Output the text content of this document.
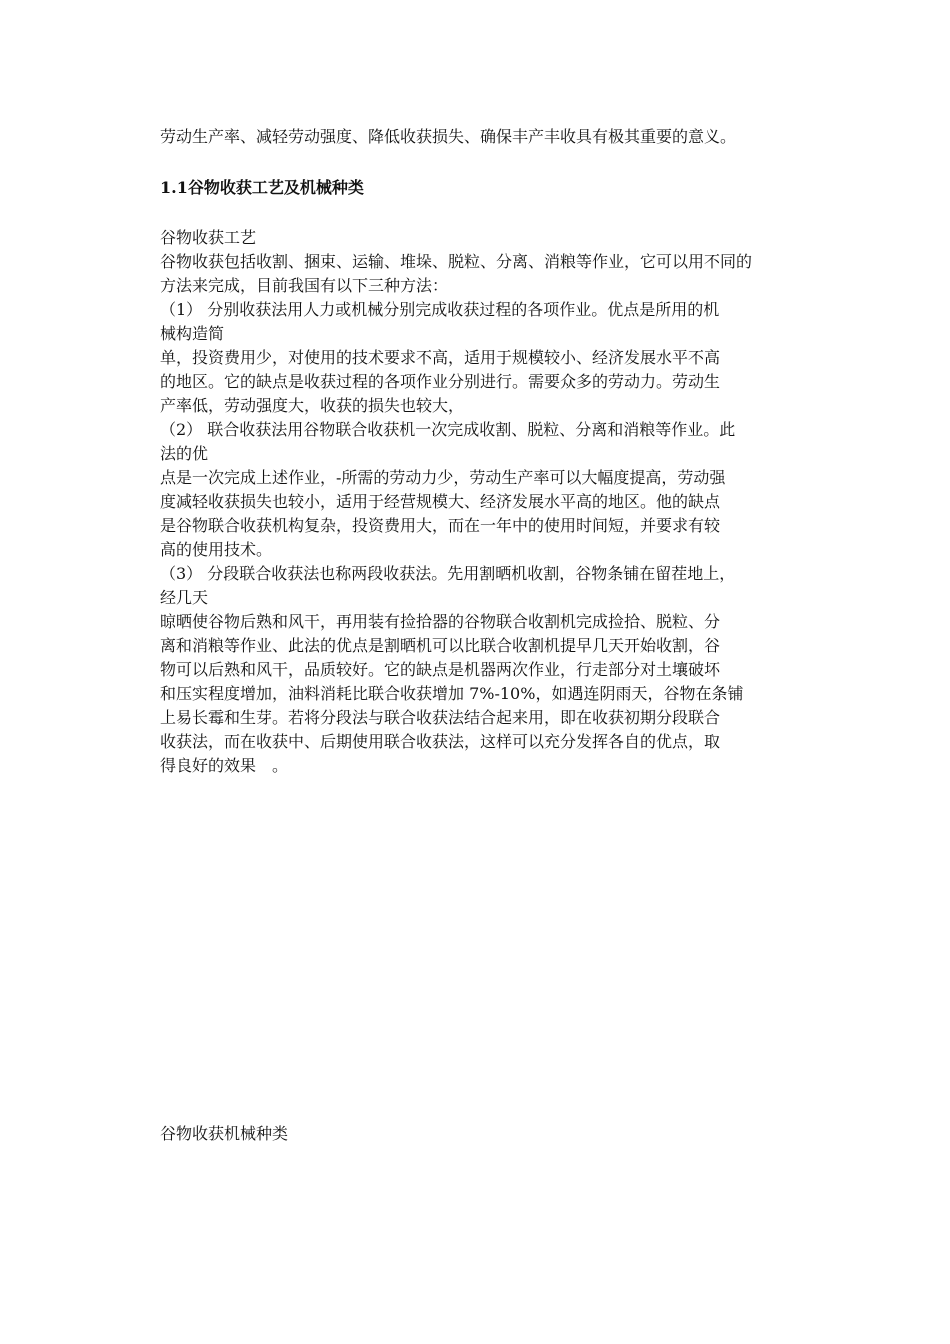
劳动生产率、减轻劳动强度、降低收获损失、确保丰产丰收具有极其重要的意义。
1.1谷物收获工艺及机械种类
谷物收获工艺
谷物收获包括收割、捆束、运输、堆垛、脱粒、分离、消粮等作业，它可以用不同的
方法来完成，目前我国有以下三种方法：
（1） 分别收获法用人力或机械分别完成收获过程的各项作业。优点是所用的机
械构造简
单，投资费用少，对使用的技术要求不高，适用于规模较小、经济发展水平不高
的地区。它的缺点是收获过程的各项作业分别进行。需要众多的劳动力。劳动生
产率低，劳动强度大，收获的损失也较大，
（2） 联合收获法用谷物联合收获机一次完成收割、脱粒、分离和消粮等作业。此
法的优
点是一次完成上述作业，-所需的劳动力少，劳动生产率可以大幅度提高，劳动强
度减轻收获损失也较小，适用于经营规模大、经济发展水平高的地区。他的缺点
是谷物联合收获机构复杂，投资费用大，而在一年中的使用时间短，并要求有较
高的使用技术。
（3） 分段联合收获法也称两段收获法。先用割晒机收割，谷物条铺在留茬地上，
经几天
晾晒使谷物后熟和风干，再用装有捡拾器的谷物联合收割机完成捡拾、脱粒、分
离和消粮等作业、此法的优点是割晒机可以比联合收割机提早几天开始收割，谷
物可以后熟和风干，品质较好。它的缺点是机器两次作业，行走部分对土壤破坏
和压实程度增加，油料消耗比联合收获增加 7%-10%，如遇连阴雨天，谷物在条铺
上易长霉和生芽。若将分段法与联合收获法结合起来用，即在收获初期分段联合
收获法，而在收获中、后期使用联合收获法，这样可以充分发挥各自的优点，取
得良好的效果　。
谷物收获机械种类
